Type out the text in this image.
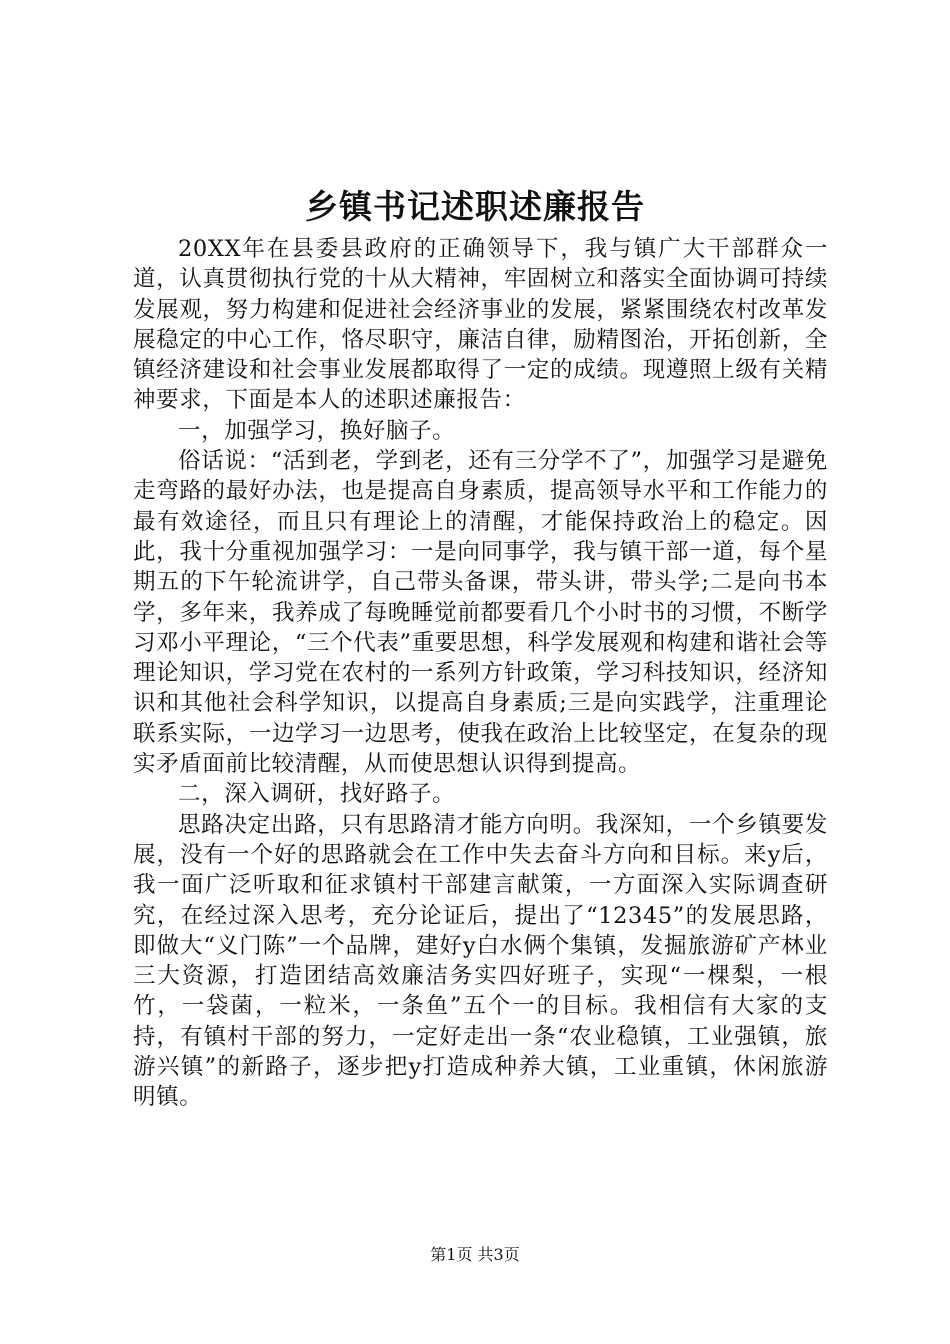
乡镇书记述职述廉报告

20XX年在县委县政府的正确领导下，我与镇广大干部群众一道，认真贯彻执行党的十从大精神，牢固树立和落实全面协调可持续发展观，努力构建和促进社会经济事业的发展，紧紧围绕农村改革发展稳定的中心工作，恪尽职守，廉洁自律，励精图治，开拓创新，全镇经济建设和社会事业发展都取得了一定的成绩。现遵照上级有关精神要求，下面是本人的述职述廉报告：

一，加强学习，换好脑子。

俗话说：“活到老，学到老，还有三分学不了”，加强学习是避免走弯路的最好办法，也是提高自身素质，提高领导水平和工作能力的最有效途径，而且只有理论上的清醒，才能保持政治上的稳定。因此，我十分重视加强学习：一是向同事学，我与镇干部一道，每个星期五的下午轮流讲学，自己带头备课，带头讲，带头学;二是向书本学，多年来，我养成了每晚睡觉前都要看几个小时书的习惯，不断学习邓小平理论，“三个代表”重要思想，科学发展观和构建和谐社会等理论知识，学习党在农村的一系列方针政策，学习科技知识，经济知识和其他社会科学知识，以提高自身素质;三是向实践学，注重理论联系实际，一边学习一边思考，使我在政治上比较坚定，在复杂的现实矛盾面前比较清醒，从而使思想认识得到提高。

二，深入调研，找好路子。

思路决定出路，只有思路清才能方向明。我深知，一个乡镇要发展，没有一个好的思路就会在工作中失去奋斗方向和目标。来y后，我一面广泛听取和征求镇村干部建言献策，一方面深入实际调查研究，在经过深入思考，充分论证后，提出了“12345”的发展思路，即做大“义门陈”一个品牌，建好y白水俩个集镇，发掘旅游矿产林业三大资源，打造团结高效廉洁务实四好班子，实现“一棵梨，一根竹，一袋菌，一粒米，一条鱼”五个一的目标。我相信有大家的支持，有镇村干部的努力，一定好走出一条“农业稳镇，工业强镇，旅游兴镇”的新路子，逐步把y打造成种养大镇，工业重镇，休闲旅游明镇。

第1页 共3页
